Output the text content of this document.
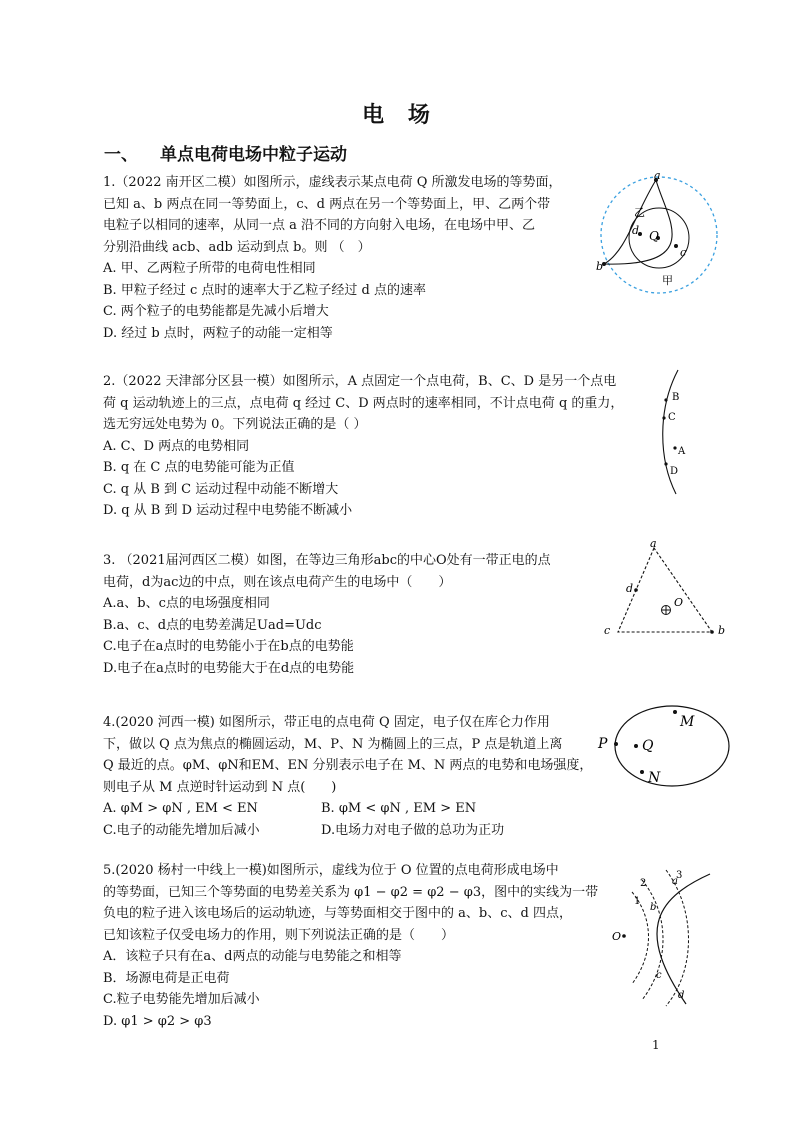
电 场
一、 单点电荷电场中粒子运动

1.（2022 南开区二模）如图所示，虚线表示某点电荷 Q 所激发电场的等势面，

已知 a、b 两点在同一等势面上，c、d 两点在另一个等势面上，甲、乙两个带

电粒子以相同的速率，从同一点 a 沿不同的方向射入电场，在电场中甲、乙

分别沿曲线 acb、adb 运动到点 b。则 （　）

A. 甲、乙两粒子所带的电荷电性相同

B. 甲粒子经过 c 点时的速率大于乙粒子经过 d 点的速率

C. 两个粒子的电势能都是先减小后增大

D. 经过 b 点时，两粒子的动能一定相等

a
b
c
d Q
甲
乙

2.（2022 天津部分区县一模）如图所示，A 点固定一个点电荷，B、C、D 是另一个点电

荷 q 运动轨迹上的三点，点电荷 q 经过 C、D 两点时的速率相同，不计点电荷 q 的重力，

选无穷远处电势为 0。下列说法正确的是（ ）

A. C、D 两点的电势相同

B. q 在 C 点的电势能可能为正值

C. q 从 B 到 C 运动过程中动能不断增大

D. q 从 B 到 D 运动过程中电势能不断减小

B
C
A
D

3. （2021届河西区二模）如图，在等边三角形abc的中心O处有一带正电的点

电荷，d为ac边的中点，则在该点电荷产生的电场中（　　）

A.a、b、c点的电场强度相同

B.a、c、d点的电势差满足Uad=Udc

C.电子在a点时的电势能小于在b点的电势能

D.电子在a点时的电势能大于在d点的电势能

a
c	b
d
O

4.(2020 河西一模) 如图所示，带正电的点电荷 Q 固定，电子仅在库仑力作用

下，做以 Q 点为焦点的椭圆运动，M、P、N 为椭圆上的三点，P 点是轨道上离

Q 最近的点。φM、φN和EM、EN 分别表示电子在 M、N 两点的电势和电场强度，

则电子从 M 点逆时针运动到 N 点(　　)

A. φM > φN , EM < EN	B. φM < φN , EM > EN
C.电子的动能先增加后减小	D.电场力对电子做的总功为正功
M
P Q
N

5.(2020 杨村一中线上一模)如图所示，虚线为位于 O 位置的点电荷形成电场中

的等势面，已知三个等势面的电势差关系为 φ1 − φ2 = φ2 − φ3，图中的实线为一带

负电的粒子进入该电场后的运动轨迹，与等势面相交于图中的 a、b、c、d 四点，

已知该粒子仅受电场力的作用，则下列说法正确的是（　　）

A．该粒子只有在a、d两点的动能与电势能之和相等

B．场源电荷是正电荷

C.粒子电势能先增加后减小

D. φ1 > φ2 > φ3

1
2
3
O
a
b
c
d
1
